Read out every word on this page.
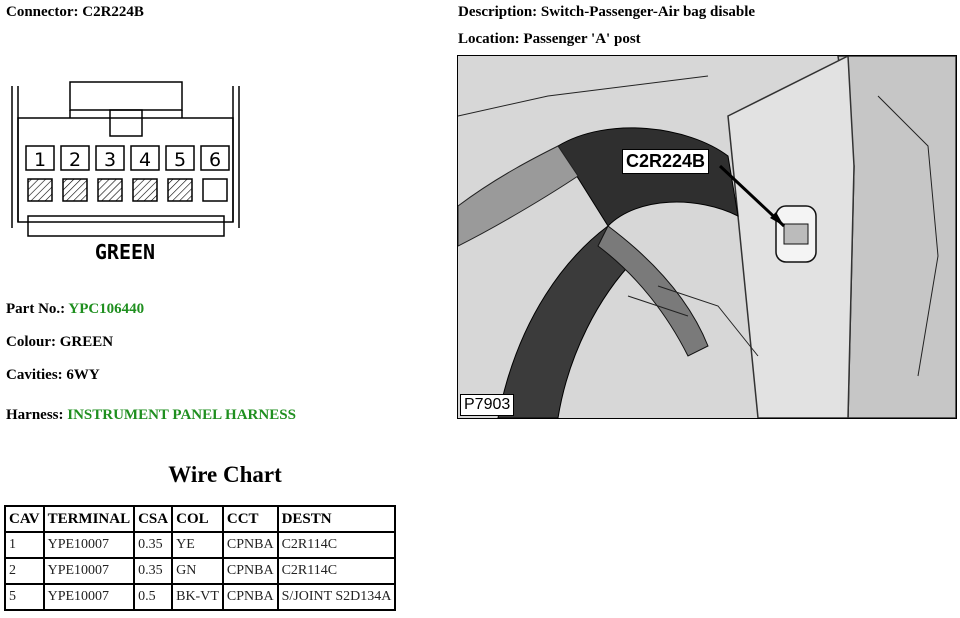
Connector: C2R224B	Description: Switch-Passenger-Air bag disable
Location: Passenger 'A' post
1 2 3 4 5 6
GREEN
C2R224B
P7903
Part No.: YPC106440
Colour: GREEN
Cavities: 6WY
Harness: INSTRUMENT PANEL HARNESS
Wire Chart
CAV	TERMINAL	CSA	COL	CCT	DESTN
1	YPE10007	0.35	YE	CPNBA	C2R114C
2	YPE10007	0.35	GN	CPNBA	C2R114C
5	YPE10007	0.5	BK-VT	CPNBA	S/JOINT S2D134A
